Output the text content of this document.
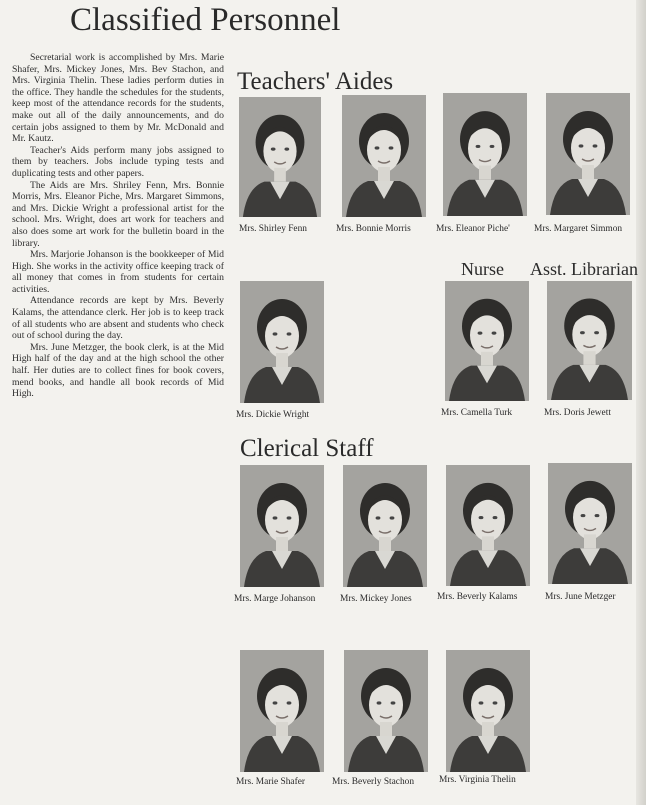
Classified Personnel

Secretarial work is accomplished by Mrs. Marie Shafer, Mrs. Mickey Jones, Mrs. Bev Stachon, and Mrs. Virginia Thelin. These ladies perform duties in the office. They handle the schedules for the students, keep most of the attendance records for the students, make out all of the daily announcements, and do certain jobs assigned to them by Mr. McDonald and Mr. Kautz.

Teacher's Aids perform many jobs assigned to them by teachers. Jobs include typing tests and duplicating tests and other papers.

The Aids are Mrs. Shriley Fenn, Mrs. Bonnie Morris, Mrs. Eleanor Piche, Mrs. Margaret Simmons, and Mrs. Dickie Wright a professional artist for the school. Mrs. Wright, does art work for teachers and also does some art work for the bulletin board in the library.

Mrs. Marjorie Johanson is the bookkeeper of Mid High. She works in the activity office keeping track of all money that comes in from students for certain activities.

Attendance records are kept by Mrs. Beverly Kalams, the attendance clerk. Her job is to keep track of all students who are absent and students who check out of school during the day.

Mrs. June Metzger, the book clerk, is at the Mid High half of the day and at the high school the other half. Her duties are to collect fines for book covers, mend books, and handle all book records of Mid High.

Teachers' Aides
Nurse Asst. Librarian
Clerical Staff
Mrs. Shirley Fenn	Mrs. Bonnie Morris	Mrs. Eleanor Piche'	Mrs. Margaret Simmon
Mrs. Dickie Wright	Mrs. Camella Turk	Mrs. Doris Jewett
Mrs. Marge Johanson	Mrs. Mickey Jones	Mrs. Beverly Kalams	Mrs. June Metzger
Mrs. Marie Shafer	Mrs. Beverly Stachon	Mrs. Virginia Thelin
